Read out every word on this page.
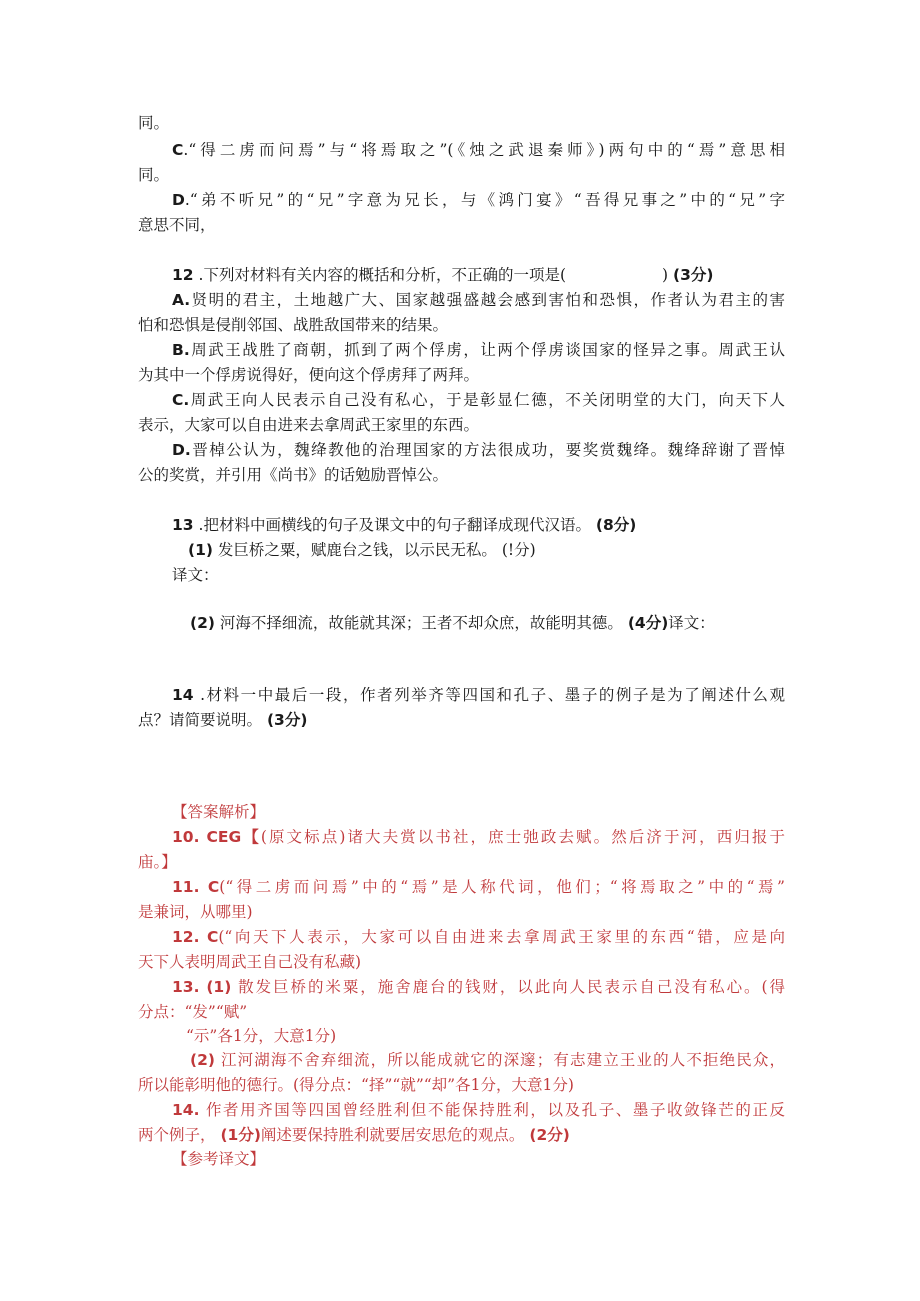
同。
C.“得二虏而问焉”与“将焉取之”(《烛之武退秦师》)两句中的“焉”意思相
同。
D.“弟不听兄”的“兄”字意为兄长，与《鸿门宴》“吾得兄事之”中的“兄”字
意思不同，
12 .下列对材料有关内容的概括和分析，不正确的一项是(	) (3分)
A.贤明的君主，土地越广大、国家越强盛越会感到害怕和恐惧，作者认为君主的害
怕和恐惧是侵削邻国、战胜敌国带来的结果。
B.周武王战胜了商朝，抓到了两个俘虏，让两个俘虏谈国家的怪异之事。周武王认
为其中一个俘虏说得好，便向这个俘虏拜了两拜。
C.周武王向人民表示自己没有私心，于是彰显仁德，不关闭明堂的大门，向天下人
表示，大家可以自由进来去拿周武王家里的东西。
D.晋棹公认为，魏绛教他的治理国家的方法很成功，要奖赏魏绛。魏绛辞谢了晋悼
公的奖赏，并引用《尚书》的话勉励晋悼公。
13 .把材料中画横线的句子及课文中的句子翻译成现代汉语。 (8分)
(1) 发巨桥之粟，赋鹿台之钱，以示民无私。 (!分)
译文：
(2) 河海不择细流，故能就其深；王者不却众庶，故能明其德。 (4分)译文：
14 .材料一中最后一段，作者列举齐等四国和孔子、墨子的例子是为了阐述什么观
点？请简要说明。 (3分)
【答案解析】
10. CEG【(原文标点)诸大夫赏以书社，庶士弛政去赋。然后济于河，西归报于
庙。】
11. C(“得二虏而问焉”中的“焉”是人称代词，他们；“将焉取之”中的“焉”
是兼词，从哪里)
12. C(“向天下人表示，大家可以自由进来去拿周武王家里的东西“错，应是向
天下人表明周武王自己没有私藏)
13. (1) 散发巨桥的米粟，施舍鹿台的钱财，以此向人民表示自己没有私心。(得
分点：“发”“赋”
“示”各1分，大意1分)
(2) 江河湖海不舍弃细流，所以能成就它的深邃；有志建立王业的人不拒绝民众，
所以能彰明他的德行。(得分点：“择”“就”“却”各1分，大意1分)
14. 作者用齐国等四国曾经胜利但不能保持胜利，以及孔子、墨子收敛锋芒的正反
两个例子， (1分)阐述要保持胜利就要居安思危的观点。 (2分)
【参考译文】
